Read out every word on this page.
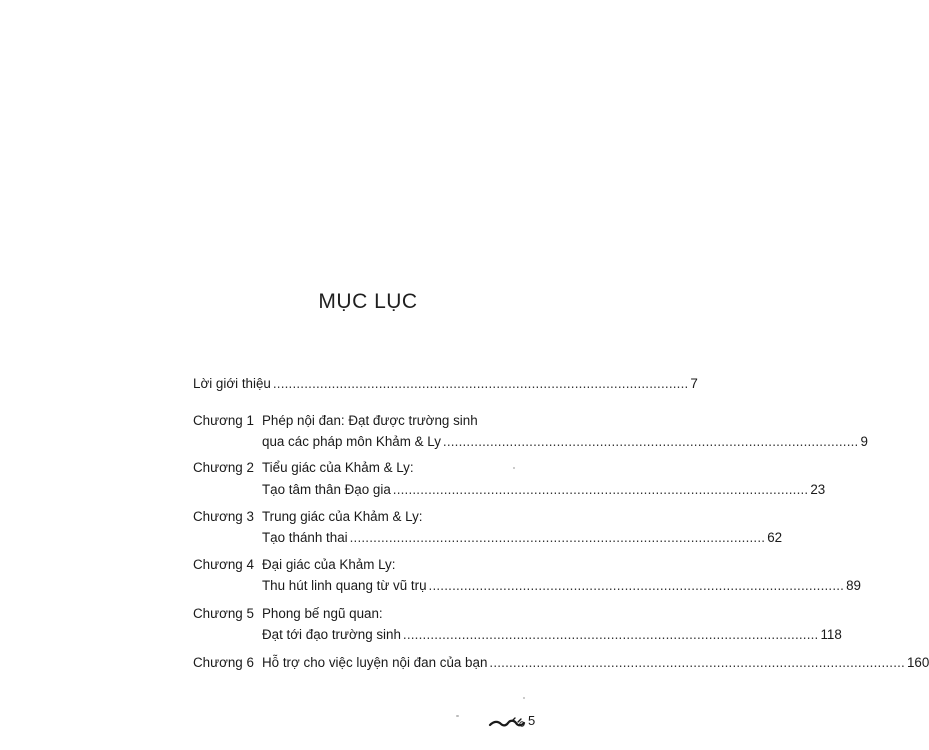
MỤC LỤC
Lời giới thiệu .......................................................................................................... 7
Chương 1 Phép nội đan: Đạt được trường sinh
qua các pháp môn Khảm & Ly .......................................................................................................... 9
Chương 2 Tiểu giác của Khảm & Ly:
Tạo tâm thân Đạo gia .......................................................................................................... 23
Chương 3 Trung giác của Khảm & Ly:
Tạo thánh thai .......................................................................................................... 62
Chương 4 Đại giác của Khảm Ly:
Thu hút linh quang từ vũ trụ .......................................................................................................... 89
Chương 5 Phong bế ngũ quan:
Đạt tới đạo trường sinh .......................................................................................................... 118
Chương 6 Hỗ trợ cho việc luyện nội đan của bạn .......................................................................................................... 160
5
